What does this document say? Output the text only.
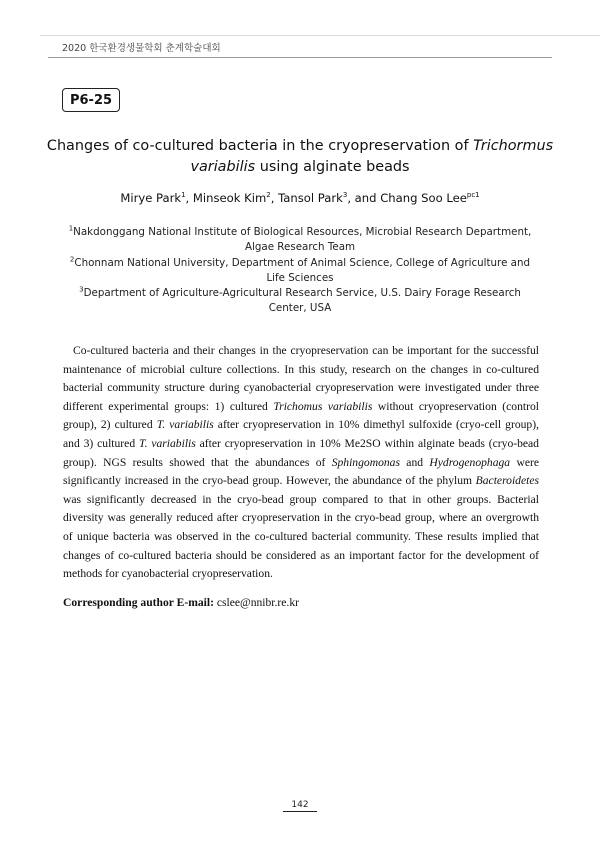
2020 한국환경생물학회 춘계학술대회
P6-25
Changes of co-cultured bacteria in the cryopreservation of Trichormus variabilis using alginate beads
Mirye Park$^1$, Minseok Kim$^2$, Tansol Park$^3$, and Chang Soo Lee$^{pc1}$
$^1$Nakdonggang National Institute of Biological Resources, Microbial Research Department, Algae Research Team
$^2$Chonnam National University, Department of Animal Science, College of Agriculture and Life Sciences
$^3$Department of Agriculture-Agricultural Research Service, U.S. Dairy Forage Research Center, USA

Co-cultured bacteria and their changes in the cryopreservation can be important for the successful maintenance of microbial culture collections. In this study, research on the changes in co-cultured bacterial community structure during cyanobacterial cryopreservation were investigated under three different experimental groups: 1) cultured Trichomus variabilis without cryopreservation (control group), 2) cultured T. variabilis after cryopreservation in 10% dimethyl sulfoxide (cryo-cell group), and 3) cultured T. variabilis after cryopreservation in 10% Me2SO within alginate beads (cryo-bead group). NGS results showed that the abundances of Sphingomonas and Hydrogenophaga were significantly increased in the cryo-bead group. However, the abundance of the phylum Bacteroidetes was significantly decreased in the cryo-bead group compared to that in other groups. Bacterial diversity was generally reduced after cryopreservation in the cryo-bead group, where an overgrowth of unique bacteria was observed in the co-cultured bacterial community. These results implied that changes of co-cultured bacteria should be considered as an important factor for the development of methods for cyanobacterial cryopreservation.

Corresponding author E-mail: cslee@nnibr.re.kr
142
